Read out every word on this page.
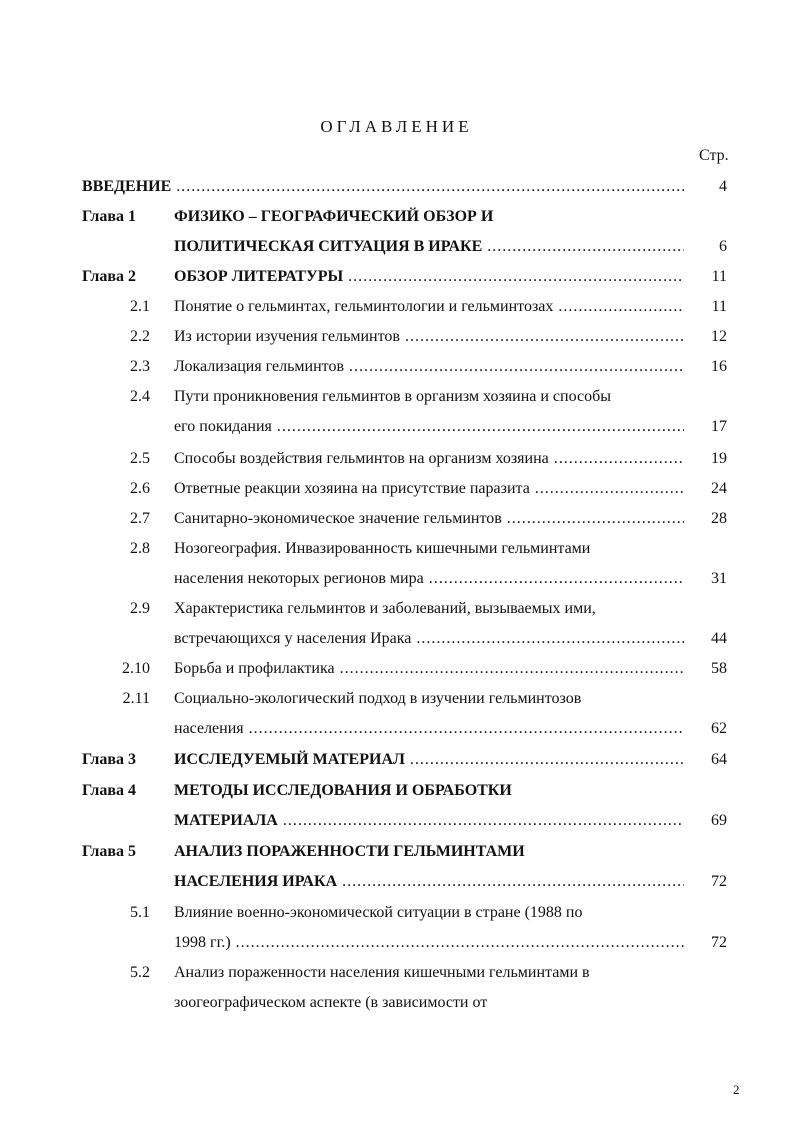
ОГЛАВЛЕНИЕ
Стр.
ВВЕДЕНИЕ .....	4
Глава 1 ФИЗИКО – ГЕОГРАФИЧЕСКИЙ ОБЗОР И
ПОЛИТИЧЕСКАЯ СИТУАЦИЯ В ИРАКЕ .....	6
Глава 2 ОБЗОР ЛИТЕРАТУРЫ .....	11
2.1 Понятие о гельминтах, гельминтологии и гельминтозах .....	11
2.2 Из истории изучения гельминтов .....	12
2.3 Локализация гельминтов .....	16
2.4 Пути проникновения гельминтов в организм хозяина и способы
его покидания .....	17
2.5 Способы воздействия гельминтов на организм хозяина .....	19
2.6 Ответные реакции хозяина на присутствие паразита .....	24
2.7 Санитарно-экономическое значение гельминтов .....	28
2.8 Нозогеография. Инвазированность кишечными гельминтами
населения некоторых регионов мира .....	31
2.9 Характеристика гельминтов и заболеваний, вызываемых ими,
встречающихся у населения Ирака .....	44
2.10 Борьба и профилактика .....	58
2.11 Социально-экологический подход в изучении гельминтозов
населения .....	62
Глава 3 ИССЛЕДУЕМЫЙ МАТЕРИАЛ .....	64
Глава 4 МЕТОДЫ ИССЛЕДОВАНИЯ И ОБРАБОТКИ
МАТЕРИАЛА .....	69
Глава 5 АНАЛИЗ ПОРАЖЕННОСТИ ГЕЛЬМИНТАМИ
НАСЕЛЕНИЯ ИРАКА .....	72
5.1 Влияние военно-экономической ситуации в стране (1988 по
1998 гг.) .....	72
5.2 Анализ пораженности населения кишечными гельминтами в
зоогеографическом аспекте (в зависимости от
2
